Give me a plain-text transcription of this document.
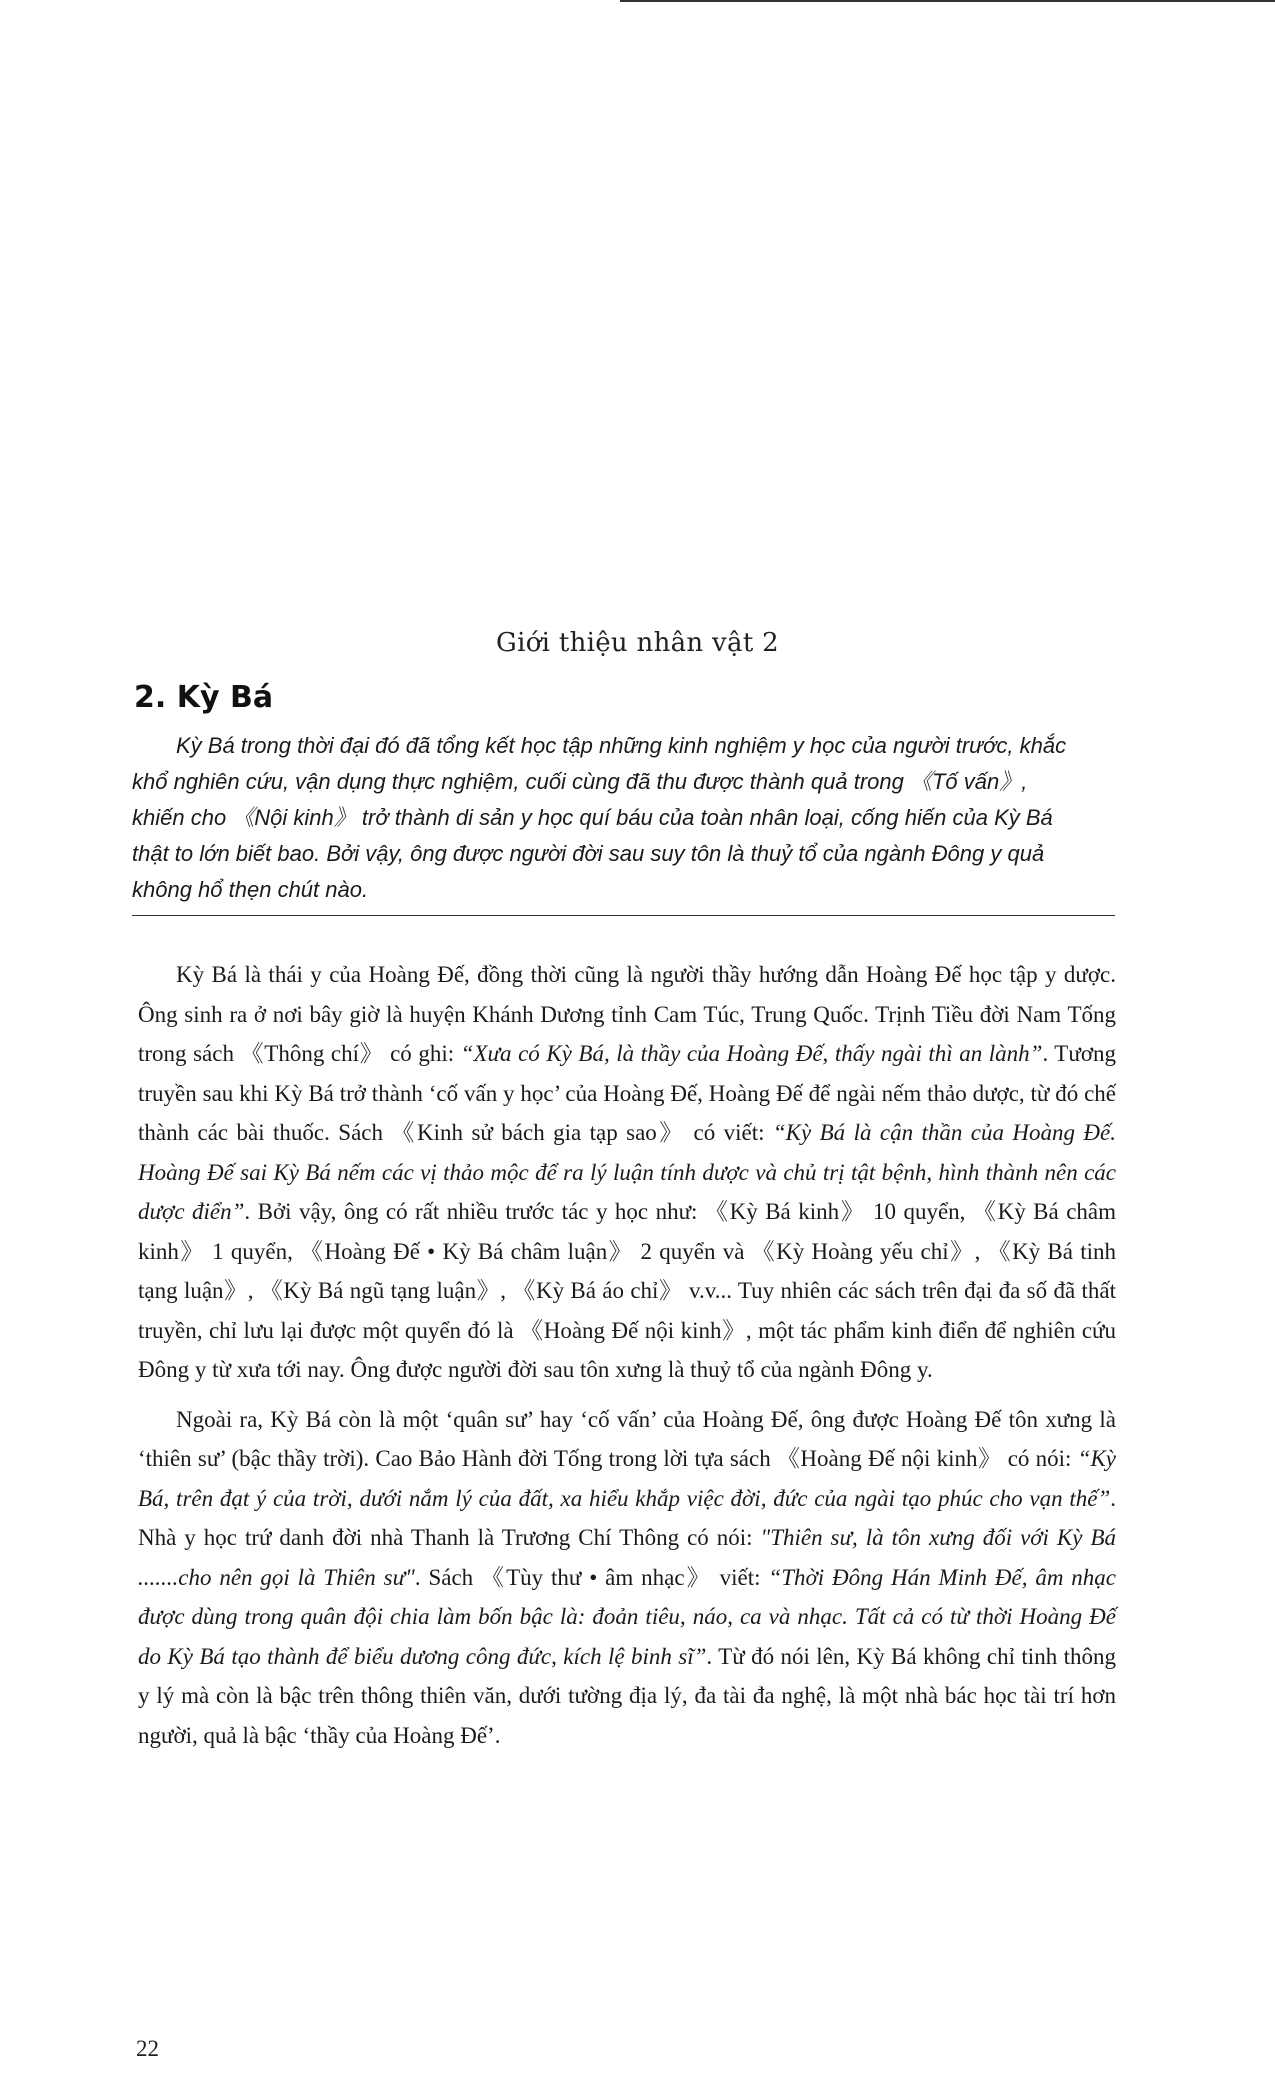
Giới thiệu nhân vật 2
2. Kỳ Bá
Kỳ Bá trong thời đại đó đã tổng kết học tập những kinh nghiệm y học của người trước, khắc
khổ nghiên cứu, vận dụng thực nghiệm, cuối cùng đã thu được thành quả trong 《Tố vấn》,
khiến cho 《Nội kinh》 trở thành di sản y học quí báu của toàn nhân loại, cống hiến của Kỳ Bá
thật to lớn biết bao. Bởi vậy, ông được người đời sau suy tôn là thuỷ tổ của ngành Đông y quả
không hổ thẹn chút nào.

Kỳ Bá là thái y của Hoàng Đế, đồng thời cũng là người thầy hướng dẫn Hoàng Đế học tập y dược. Ông sinh ra ở nơi bây giờ là huyện Khánh Dương tỉnh Cam Túc, Trung Quốc. Trịnh Tiều đời Nam Tống trong sách 《Thông chí》 có ghi: “Xưa có Kỳ Bá, là thầy của Hoàng Đế, thấy ngài thì an lành”. Tương truyền sau khi Kỳ Bá trở thành ‘cố vấn y học’ của Hoàng Đế, Hoàng Đế để ngài nếm thảo dược, từ đó chế thành các bài thuốc. Sách 《Kinh sử bách gia tạp sao》 có viết: “Kỳ Bá là cận thần của Hoàng Đế. Hoàng Đế sai Kỳ Bá nếm các vị thảo mộc để ra lý luận tính dược và chủ trị tật bệnh, hình thành nên các dược điển”. Bởi vậy, ông có rất nhiều trước tác y học như: 《Kỳ Bá kinh》 10 quyển, 《Kỳ Bá châm kinh》 1 quyển, 《Hoàng Đế • Kỳ Bá châm luận》 2 quyển và 《Kỳ Hoàng yếu chỉ》, 《Kỳ Bá tinh tạng luận》, 《Kỳ Bá ngũ tạng luận》, 《Kỳ Bá áo chỉ》 v.v... Tuy nhiên các sách trên đại đa số đã thất truyền, chỉ lưu lại được một quyển đó là 《Hoàng Đế nội kinh》, một tác phẩm kinh điển để nghiên cứu Đông y từ xưa tới nay. Ông được người đời sau tôn xưng là thuỷ tổ của ngành Đông y.

Ngoài ra, Kỳ Bá còn là một ‘quân sư’ hay ‘cố vấn’ của Hoàng Đế, ông được Hoàng Đế tôn xưng là ‘thiên sư’ (bậc thầy trời). Cao Bảo Hành đời Tống trong lời tựa sách 《Hoàng Đế nội kinh》 có nói: “Kỳ Bá, trên đạt ý của trời, dưới nắm lý của đất, xa hiểu khắp việc đời, đức của ngài tạo phúc cho vạn thế”. Nhà y học trứ danh đời nhà Thanh là Trương Chí Thông có nói: "Thiên sư, là tôn xưng đối với Kỳ Bá .......cho nên gọi là Thiên sư". Sách 《Tùy thư • âm nhạc》 viết: “Thời Đông Hán Minh Đế, âm nhạc được dùng trong quân đội chia làm bốn bậc là: đoản tiêu, náo, ca và nhạc. Tất cả có từ thời Hoàng Đế do Kỳ Bá tạo thành để biểu dương công đức, kích lệ binh sĩ”. Từ đó nói lên, Kỳ Bá không chỉ tinh thông y lý mà còn là bậc trên thông thiên văn, dưới tường địa lý, đa tài đa nghệ, là một nhà bác học tài trí hơn người, quả là bậc ‘thầy của Hoàng Đế’.

22
